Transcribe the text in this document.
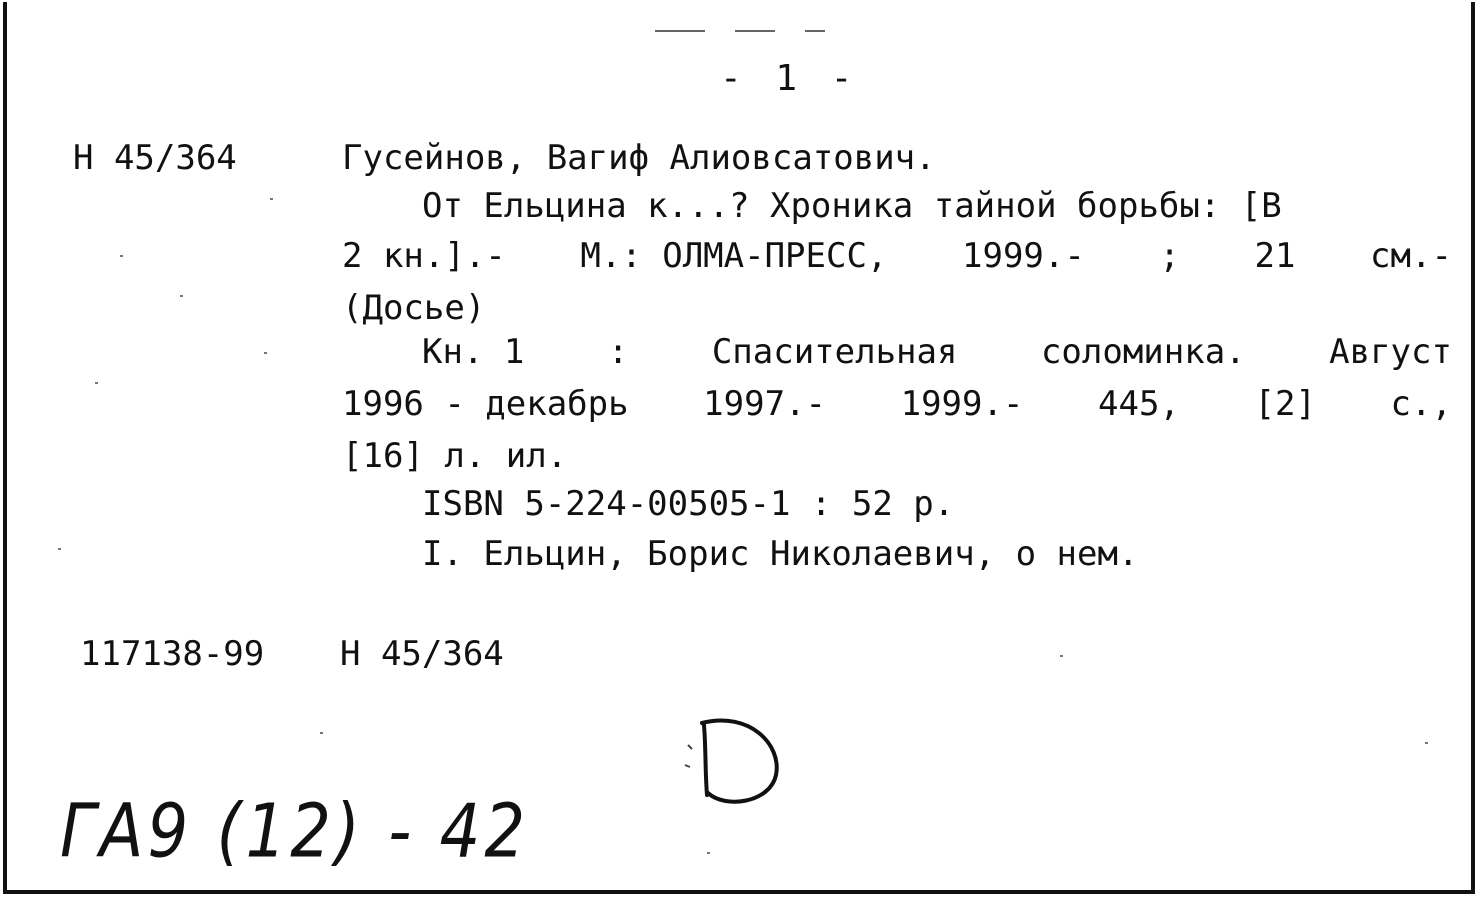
- 1 -
Н 45/364	Гусейнов, Вагиф Алиовсатович.
От Ельцина к...? Хроника тайной борьбы: [В
2 кн.].- М.: ОЛМА-ПРЕСС, 1999.- ; 21 см.-
(Досье)
Кн. 1 : Спасительная соломинка. Август
1996 - декабрь 1997.- 1999.- 445, [2] с.,
[16] л. ил.
ISBN 5-224-00505-1 : 52 р.
I. Ельцин, Борис Николаевич, о нем.
117138-99 Н 45/364
ГА9 (12) - 42
